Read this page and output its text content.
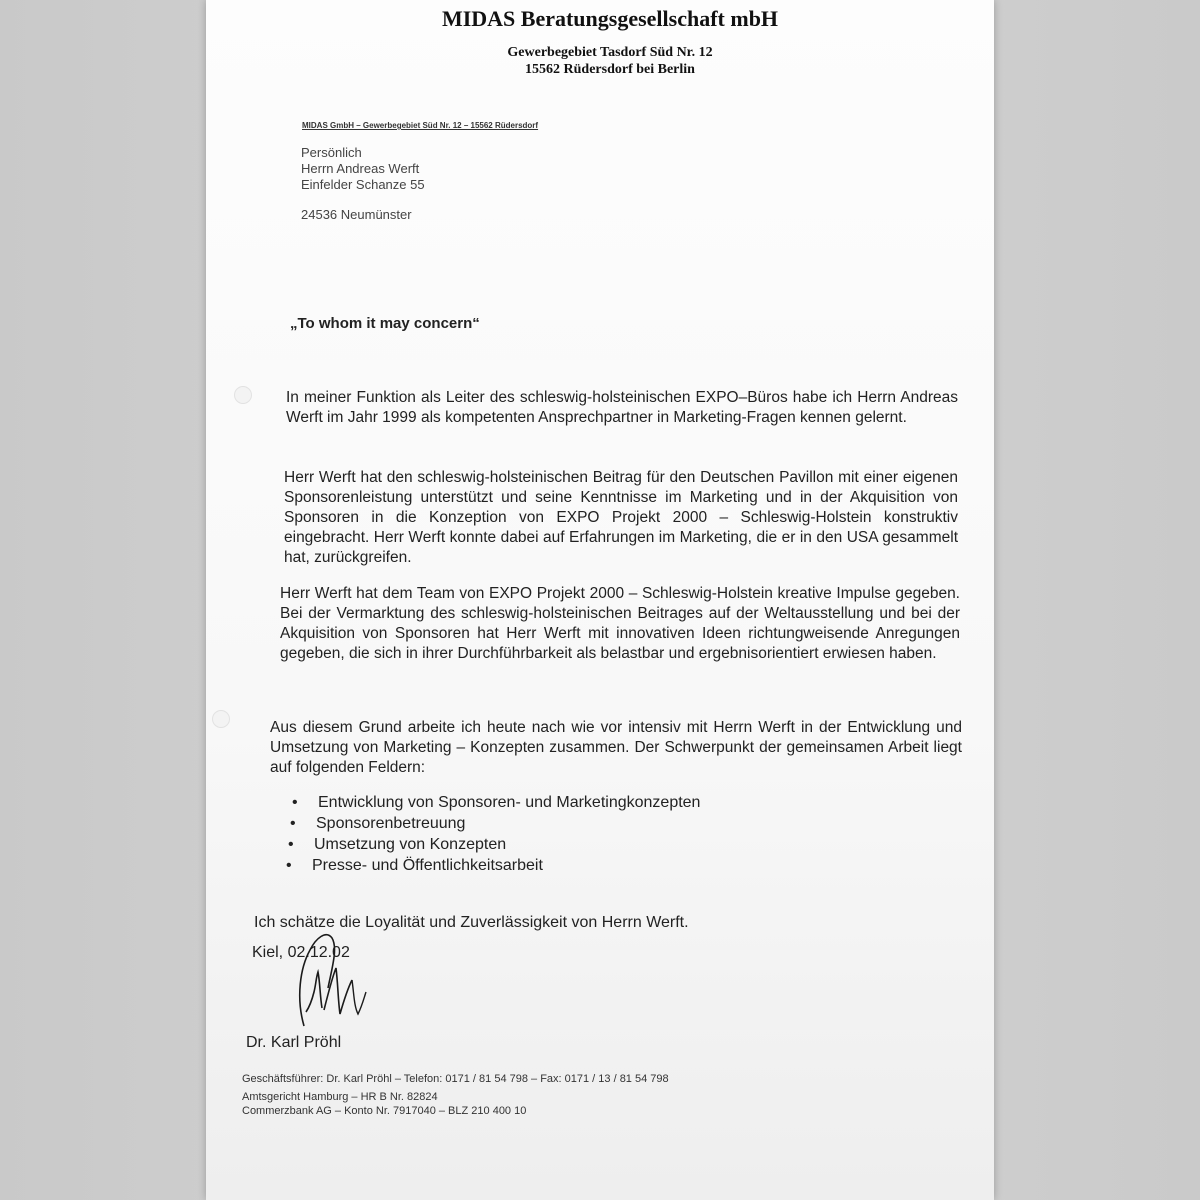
MIDAS Beratungsgesellschaft mbH
Gewerbegebiet Tasdorf Süd Nr. 12
15562 Rüdersdorf bei Berlin
MIDAS GmbH – Gewerbegebiet Süd Nr. 12 – 15562 Rüdersdorf
Persönlich
Herrn Andreas Werft
Einfelder Schanze 55
24536 Neumünster
„To whom it may concern“

In meiner Funktion als Leiter des schleswig-holsteinischen EXPO–Büros habe ich Herrn Andreas Werft im Jahr 1999 als kompetenten Ansprechpartner in Marketing-Fragen kennen gelernt.

Herr Werft hat den schleswig-holsteinischen Beitrag für den Deutschen Pavillon mit einer eigenen Sponsorenleistung unterstützt und seine Kenntnisse im Marketing und in der Akquisition von Sponsoren in die Konzeption von EXPO Projekt 2000 – Schleswig-Holstein konstruktiv eingebracht. Herr Werft konnte dabei auf Erfahrungen im Marketing, die er in den USA gesammelt hat, zurückgreifen.

Herr Werft hat dem Team von EXPO Projekt 2000 – Schleswig-Holstein kreative Impulse gegeben. Bei der Vermarktung des schleswig-holsteinischen Beitrages auf der Weltausstellung und bei der Akquisition von Sponsoren hat Herr Werft mit innovativen Ideen richtungweisende Anregungen gegeben, die sich in ihrer Durchführbarkeit als belastbar und ergebnisorientiert erwiesen haben.

Aus diesem Grund arbeite ich heute nach wie vor intensiv mit Herrn Werft in der Entwicklung und Umsetzung von Marketing – Konzepten zusammen. Der Schwerpunkt der gemeinsamen Arbeit liegt auf folgenden Feldern:

• Entwicklung von Sponsoren- und Marketingkonzepten
• Sponsorenbetreuung
• Umsetzung von Konzepten
• Presse- und Öffentlichkeitsarbeit
Ich schätze die Loyalität und Zuverlässigkeit von Herrn Werft.
Kiel, 02.12.02
Dr. Karl Pröhl
Geschäftsführer: Dr. Karl Pröhl – Telefon: 0171 / 81 54 798 – Fax: 0171 / 13 / 81 54 798
Amtsgericht Hamburg – HR B Nr. 82824
Commerzbank AG – Konto Nr. 7917040 – BLZ 210 400 10
